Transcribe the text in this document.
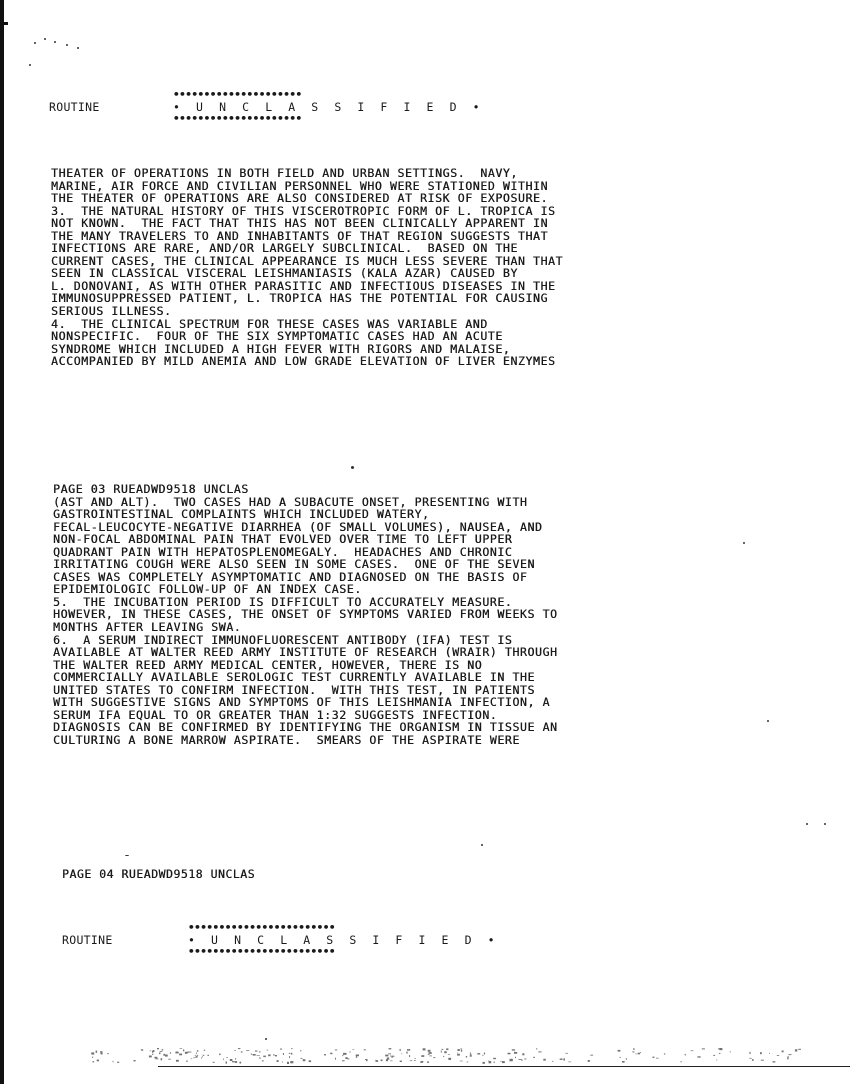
ROUTINE
•••••••••••••••••••••
• U N C L A S S I F I E D •
•••••••••••••••••••••
THEATER OF OPERATIONS IN BOTH FIELD AND URBAN SETTINGS.  NAVY,
MARINE, AIR FORCE AND CIVILIAN PERSONNEL WHO WERE STATIONED WITHIN
THE THEATER OF OPERATIONS ARE ALSO CONSIDERED AT RISK OF EXPOSURE.
3.  THE NATURAL HISTORY OF THIS VISCEROTROPIC FORM OF L. TROPICA IS
NOT KNOWN.  THE FACT THAT THIS HAS NOT BEEN CLINICALLY APPARENT IN
THE MANY TRAVELERS TO AND INHABITANTS OF THAT REGION SUGGESTS THAT
INFECTIONS ARE RARE, AND/OR LARGELY SUBCLINICAL.  BASED ON THE
CURRENT CASES, THE CLINICAL APPEARANCE IS MUCH LESS SEVERE THAN THAT
SEEN IN CLASSICAL VISCERAL LEISHMANIASIS (KALA AZAR) CAUSED BY
L. DONOVANI, AS WITH OTHER PARASITIC AND INFECTIOUS DISEASES IN THE
IMMUNOSUPPRESSED PATIENT, L. TROPICA HAS THE POTENTIAL FOR CAUSING
SERIOUS ILLNESS.
4.  THE CLINICAL SPECTRUM FOR THESE CASES WAS VARIABLE AND
NONSPECIFIC.  FOUR OF THE SIX SYMPTOMATIC CASES HAD AN ACUTE
SYNDROME WHICH INCLUDED A HIGH FEVER WITH RIGORS AND MALAISE,
ACCOMPANIED BY MILD ANEMIA AND LOW GRADE ELEVATION OF LIVER ENZYMES
PAGE 03 RUEADWD9518 UNCLAS
(AST AND ALT).  TWO CASES HAD A SUBACUTE ONSET, PRESENTING WITH
GASTROINTESTINAL COMPLAINTS WHICH INCLUDED WATERY,
FECAL-LEUCOCYTE-NEGATIVE DIARRHEA (OF SMALL VOLUMES), NAUSEA, AND
NON-FOCAL ABDOMINAL PAIN THAT EVOLVED OVER TIME TO LEFT UPPER
QUADRANT PAIN WITH HEPATOSPLENOMEGALY.  HEADACHES AND CHRONIC
IRRITATING COUGH WERE ALSO SEEN IN SOME CASES.  ONE OF THE SEVEN
CASES WAS COMPLETELY ASYMPTOMATIC AND DIAGNOSED ON THE BASIS OF
EPIDEMIOLOGIC FOLLOW-UP OF AN INDEX CASE.
5.  THE INCUBATION PERIOD IS DIFFICULT TO ACCURATELY MEASURE.
HOWEVER, IN THESE CASES, THE ONSET OF SYMPTOMS VARIED FROM WEEKS TO
MONTHS AFTER LEAVING SWA.
6.  A SERUM INDIRECT IMMUNOFLUORESCENT ANTIBODY (IFA) TEST IS
AVAILABLE AT WALTER REED ARMY INSTITUTE OF RESEARCH (WRAIR) THROUGH
THE WALTER REED ARMY MEDICAL CENTER, HOWEVER, THERE IS NO
COMMERCIALLY AVAILABLE SEROLOGIC TEST CURRENTLY AVAILABLE IN THE
UNITED STATES TO CONFIRM INFECTION.  WITH THIS TEST, IN PATIENTS
WITH SUGGESTIVE SIGNS AND SYMPTOMS OF THIS LEISHMANIA INFECTION, A
SERUM IFA EQUAL TO OR GREATER THAN 1:32 SUGGESTS INFECTION.
DIAGNOSIS CAN BE CONFIRMED BY IDENTIFYING THE ORGANISM IN TISSUE AN
CULTURING A BONE MARROW ASPIRATE.  SMEARS OF THE ASPIRATE WERE
PAGE 04 RUEADWD9518 UNCLAS
ROUTINE
••••••••••••••••••••••••
• U N C L A S S I F I E D •
••••••••••••••••••••••••
